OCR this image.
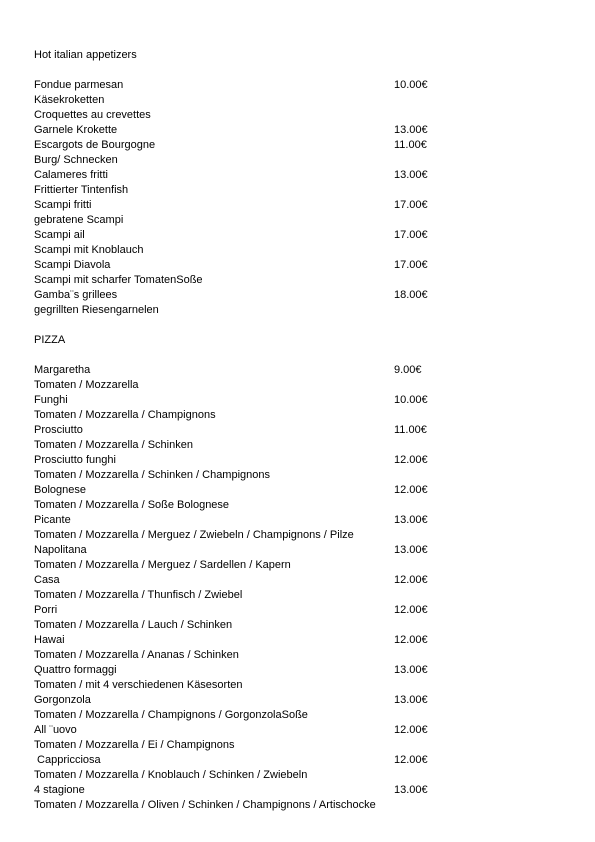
Hot italian appetizers
Fondue parmesan	10.00€
Käsekroketten
Croquettes au crevettes
Garnele Krokette	13.00€
Escargots de Bourgogne	11.00€
Burg/ Schnecken
Calameres fritti	13.00€
Frittierter Tintenfish
Scampi fritti	17.00€
gebratene Scampi
Scampi ail	17.00€
Scampi mit Knoblauch
Scampi Diavola	17.00€
Scampi mit scharfer TomatenSoße
Gamba¨s grillees	18.00€
gegrillten Riesengarnelen
PIZZA
Margaretha	9.00€
Tomaten / Mozzarella
Funghi	10.00€
Tomaten / Mozzarella / Champignons
Prosciutto	11.00€
Tomaten / Mozzarella / Schinken
Prosciutto funghi	12.00€
Tomaten / Mozzarella / Schinken / Champignons
Bolognese	12.00€
Tomaten / Mozzarella / Soße Bolognese
Picante	13.00€
Tomaten / Mozzarella / Merguez / Zwiebeln / Champignons / Pilze
Napolitana	13.00€
Tomaten / Mozzarella / Merguez / Sardellen / Kapern
Casa	12.00€
Tomaten / Mozzarella / Thunfisch / Zwiebel
Porri	12.00€
Tomaten / Mozzarella / Lauch / Schinken
Hawai	12.00€
Tomaten / Mozzarella / Ananas / Schinken
Quattro formaggi	13.00€
Tomaten / mit 4 verschiedenen Käsesorten
Gorgonzola	13.00€
Tomaten / Mozzarella / Champignons / GorgonzolaSoße
All ¨uovo	12.00€
Tomaten / Mozzarella / Ei / Champignons
Cappricciosa	12.00€
Tomaten / Mozzarella / Knoblauch / Schinken / Zwiebeln
4 stagione	13.00€
Tomaten / Mozzarella / Oliven / Schinken / Champignons / Artischocke
